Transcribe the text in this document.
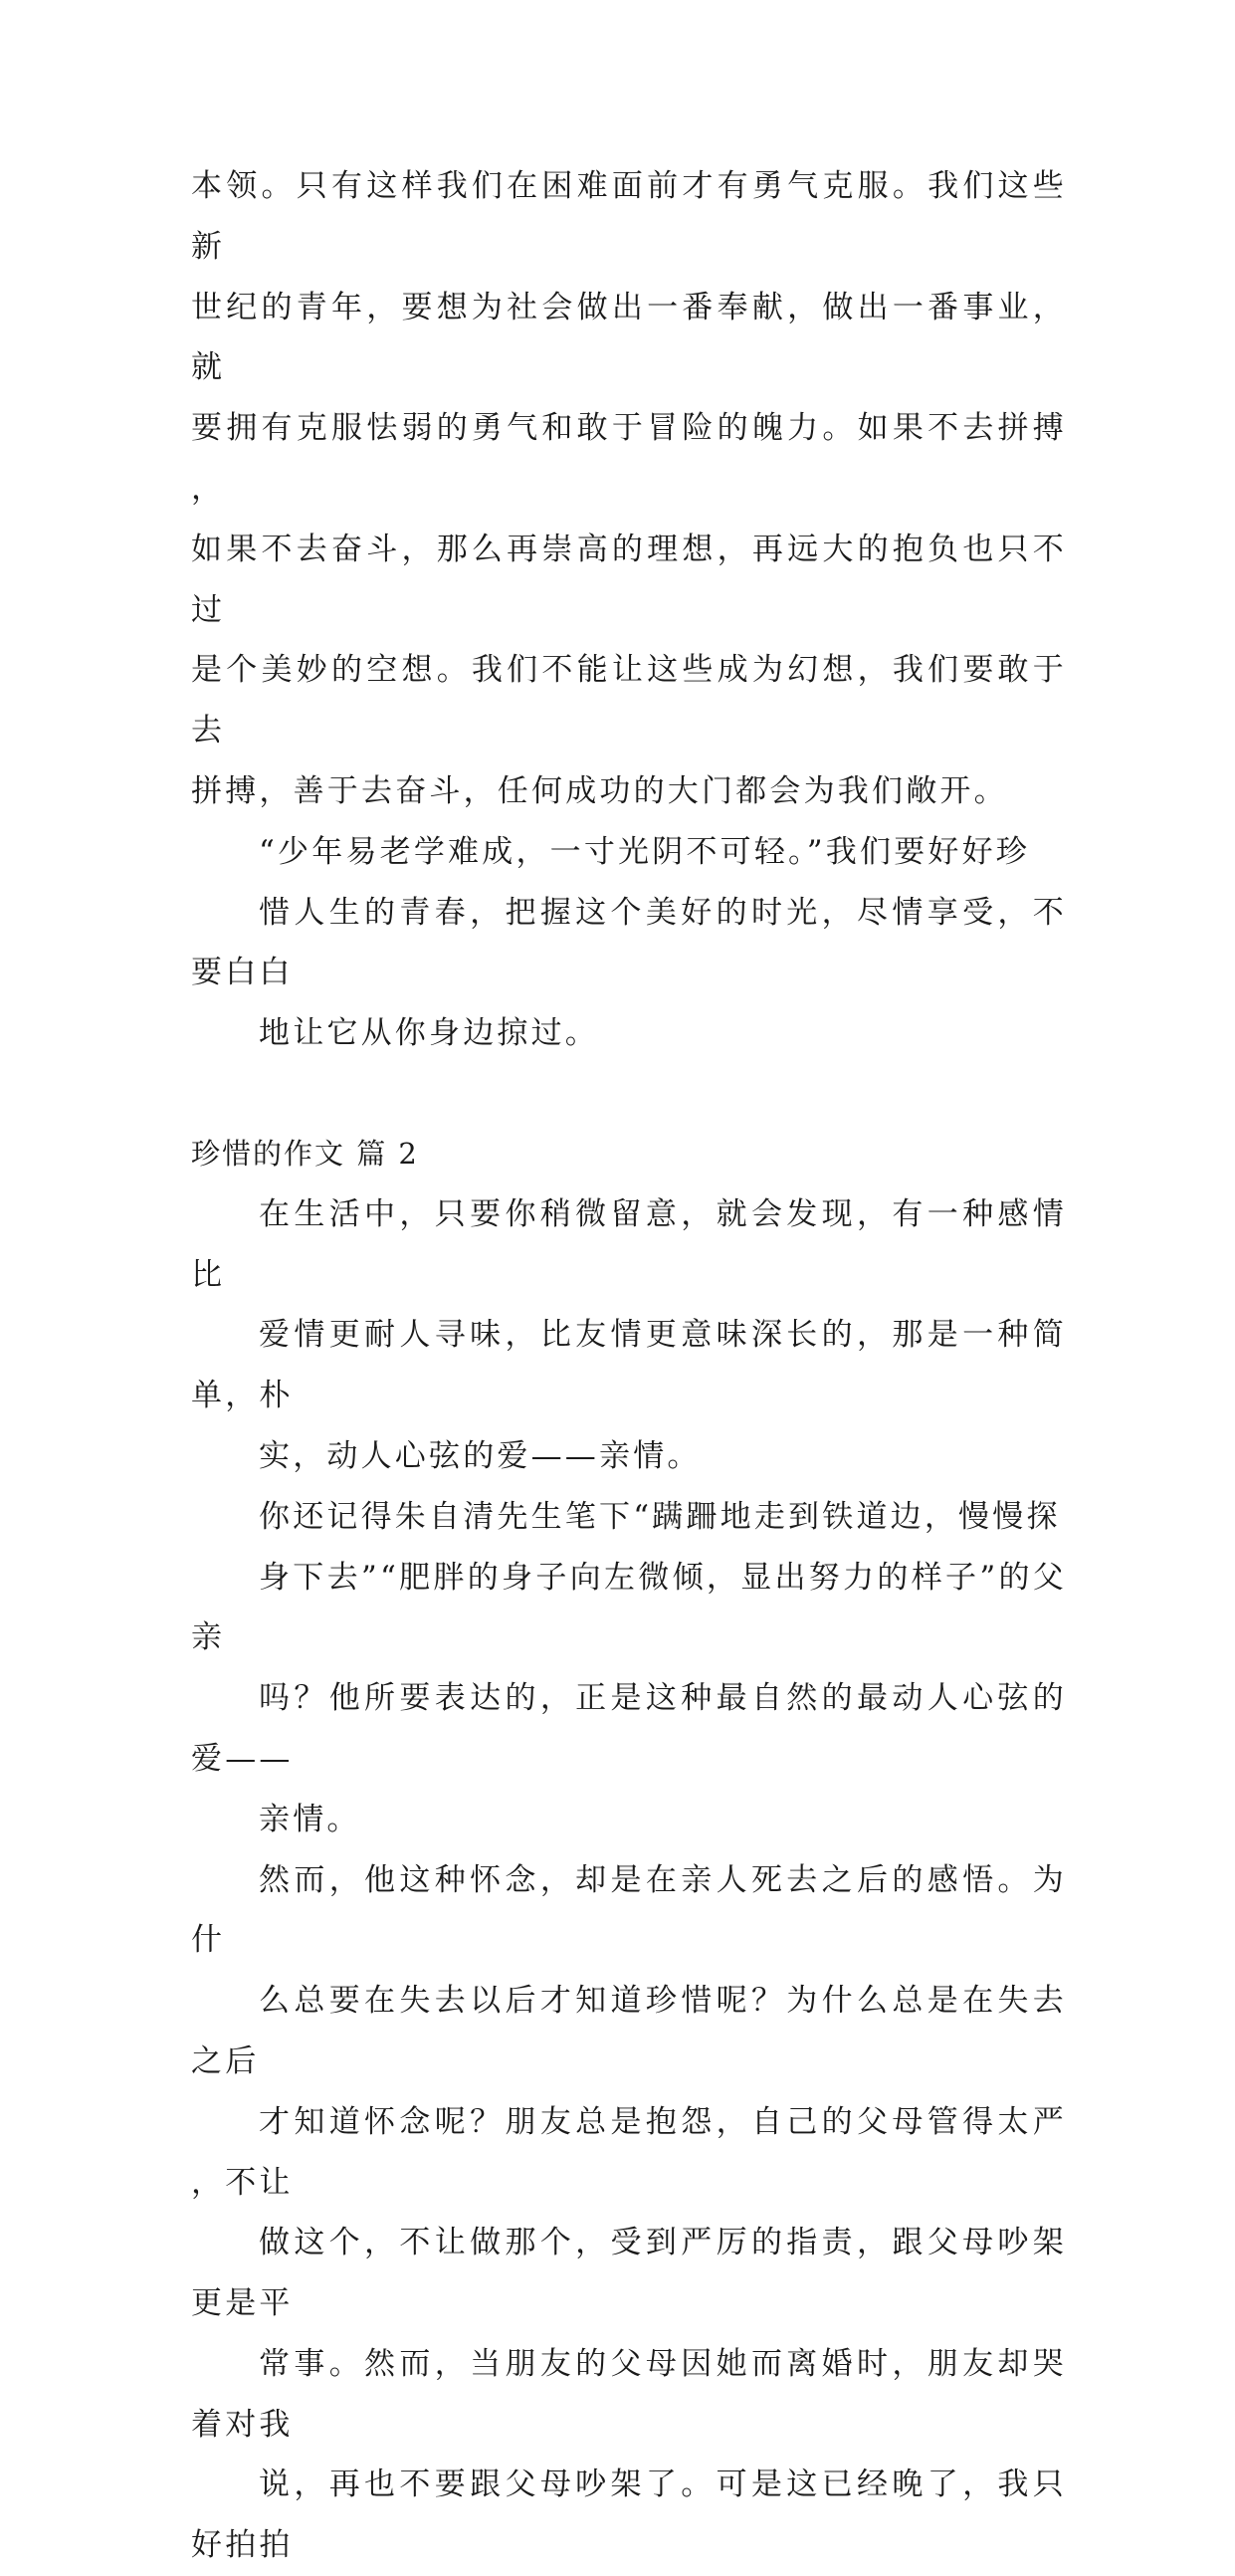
本领。只有这样我们在困难面前才有勇气克服。我们这些新
世纪的青年，要想为社会做出一番奉献，做出一番事业，就
要拥有克服怯弱的勇气和敢于冒险的魄力。如果不去拼搏，
如果不去奋斗，那么再崇高的理想，再远大的抱负也只不过
是个美妙的空想。我们不能让这些成为幻想，我们要敢于去
拼搏，善于去奋斗，任何成功的大门都会为我们敞开。

“少年易老学难成，一寸光阴不可轻。”我们要好好珍
惜人生的青春，把握这个美好的时光，尽情享受，不要白白
地让它从你身边掠过。

珍惜的作文 篇 2

在生活中，只要你稍微留意，就会发现，有一种感情比
爱情更耐人寻味，比友情更意味深长的，那是一种简单，朴
实，动人心弦的爱——亲情。

你还记得朱自清先生笔下“蹒跚地走到铁道边，慢慢探
身下去”“肥胖的身子向左微倾，显出努力的样子”的父亲
吗？他所要表达的，正是这种最自然的最动人心弦的爱——
亲情。

然而，他这种怀念，却是在亲人死去之后的感悟。为什
么总要在失去以后才知道珍惜呢？为什么总是在失去之后
才知道怀念呢？朋友总是抱怨，自己的父母管得太严，不让
做这个，不让做那个，受到严厉的指责，跟父母吵架更是平
常事。然而，当朋友的父母因她而离婚时，朋友却哭着对我
说，再也不要跟父母吵架了。可是这已经晚了，我只好拍拍
